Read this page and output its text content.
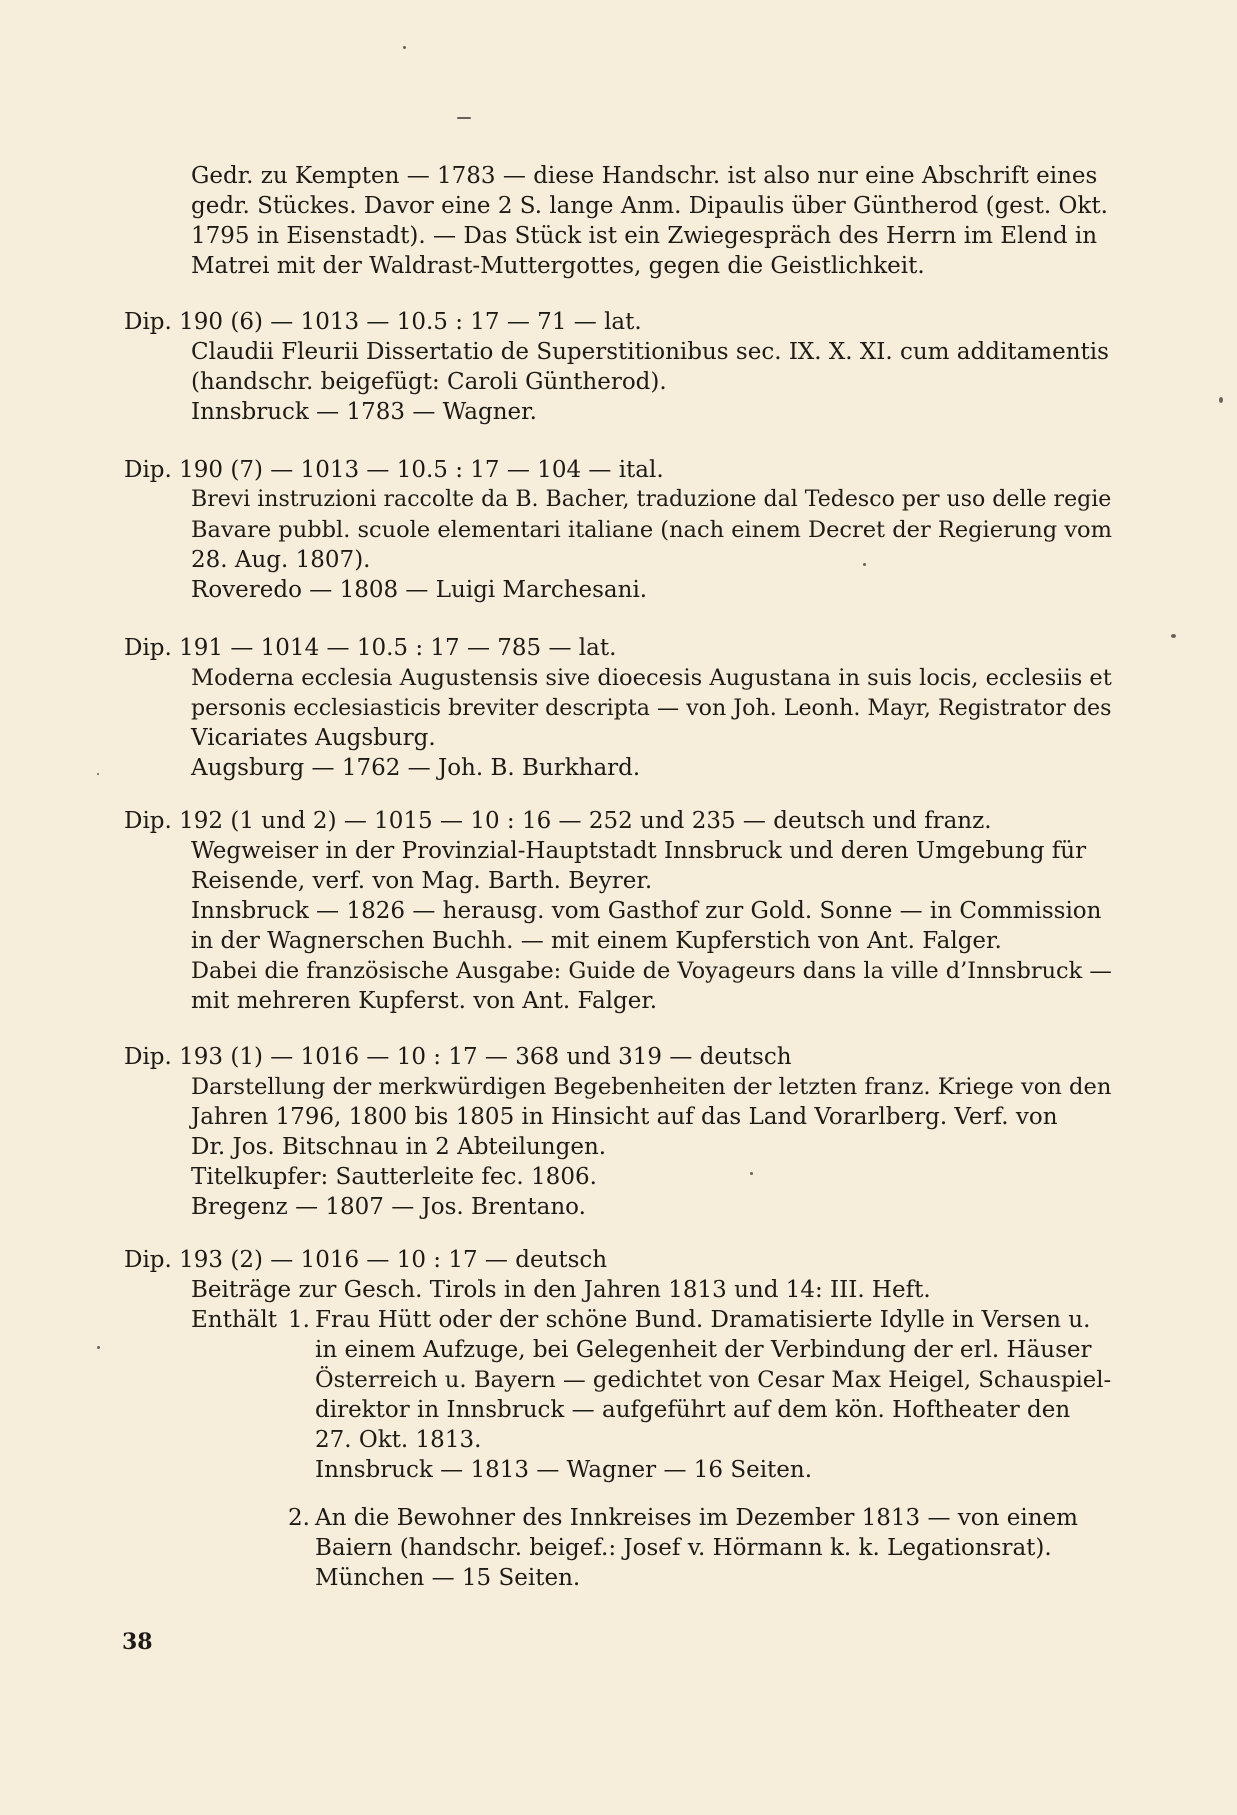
Gedr. zu Kempten — 1783 — diese Handschr. ist also nur eine Abschrift eines
gedr. Stückes. Davor eine 2 S. lange Anm. Dipaulis über Güntherod (gest. Okt.
1795 in Eisenstadt). — Das Stück ist ein Zwiegespräch des Herrn im Elend in
Matrei mit der Waldrast-Muttergottes, gegen die Geistlichkeit.
Dip. 190 (6) — 1013 — 10.5 : 17 — 71 — lat.
Claudii Fleurii Dissertatio de Superstitionibus sec. IX. X. XI. cum additamentis
(handschr. beigefügt: Caroli Güntherod).
Innsbruck — 1783 — Wagner.
Dip. 190 (7) — 1013 — 10.5 : 17 — 104 — ital.
Brevi instruzioni raccolte da B. Bacher, traduzione dal Tedesco per uso delle regie
Bavare pubbl. scuole elementari italiane (nach einem Decret der Regierung vom
28. Aug. 1807).
Roveredo — 1808 — Luigi Marchesani.
Dip. 191 — 1014 — 10.5 : 17 — 785 — lat.
Moderna ecclesia Augustensis sive dioecesis Augustana in suis locis, ecclesiis et
personis ecclesiasticis breviter descripta — von Joh. Leonh. Mayr, Registrator des
Vicariates Augsburg.
Augsburg — 1762 — Joh. B. Burkhard.
Dip. 192 (1 und 2) — 1015 — 10 : 16 — 252 und 235 — deutsch und franz.
Wegweiser in der Provinzial-Hauptstadt Innsbruck und deren Umgebung für
Reisende, verf. von Mag. Barth. Beyrer.
Innsbruck — 1826 — herausg. vom Gasthof zur Gold. Sonne — in Commission
in der Wagnerschen Buchh. — mit einem Kupferstich von Ant. Falger.
Dabei die französische Ausgabe: Guide de Voyageurs dans la ville d’Innsbruck —
mit mehreren Kupferst. von Ant. Falger.
Dip. 193 (1) — 1016 — 10 : 17 — 368 und 319 — deutsch
Darstellung der merkwürdigen Begebenheiten der letzten franz. Kriege von den
Jahren 1796, 1800 bis 1805 in Hinsicht auf das Land Vorarlberg. Verf. von
Dr. Jos. Bitschnau in 2 Abteilungen.
Titelkupfer: Sautterleite fec. 1806.
Bregenz — 1807 — Jos. Brentano.
Dip. 193 (2) — 1016 — 10 : 17 — deutsch
Beiträge zur Gesch. Tirols in den Jahren 1813 und 14: III. Heft.
Enthält 1. Frau Hütt oder der schöne Bund. Dramatisierte Idylle in Versen u.
in einem Aufzuge, bei Gelegenheit der Verbindung der erl. Häuser
Österreich u. Bayern — gedichtet von Cesar Max Heigel, Schauspiel-
direktor in Innsbruck — aufgeführt auf dem kön. Hoftheater den
27. Okt. 1813.
Innsbruck — 1813 — Wagner — 16 Seiten.
2. An die Bewohner des Innkreises im Dezember 1813 — von einem
Baiern (handschr. beigef.: Josef v. Hörmann k. k. Legationsrat).
München — 15 Seiten.
38
